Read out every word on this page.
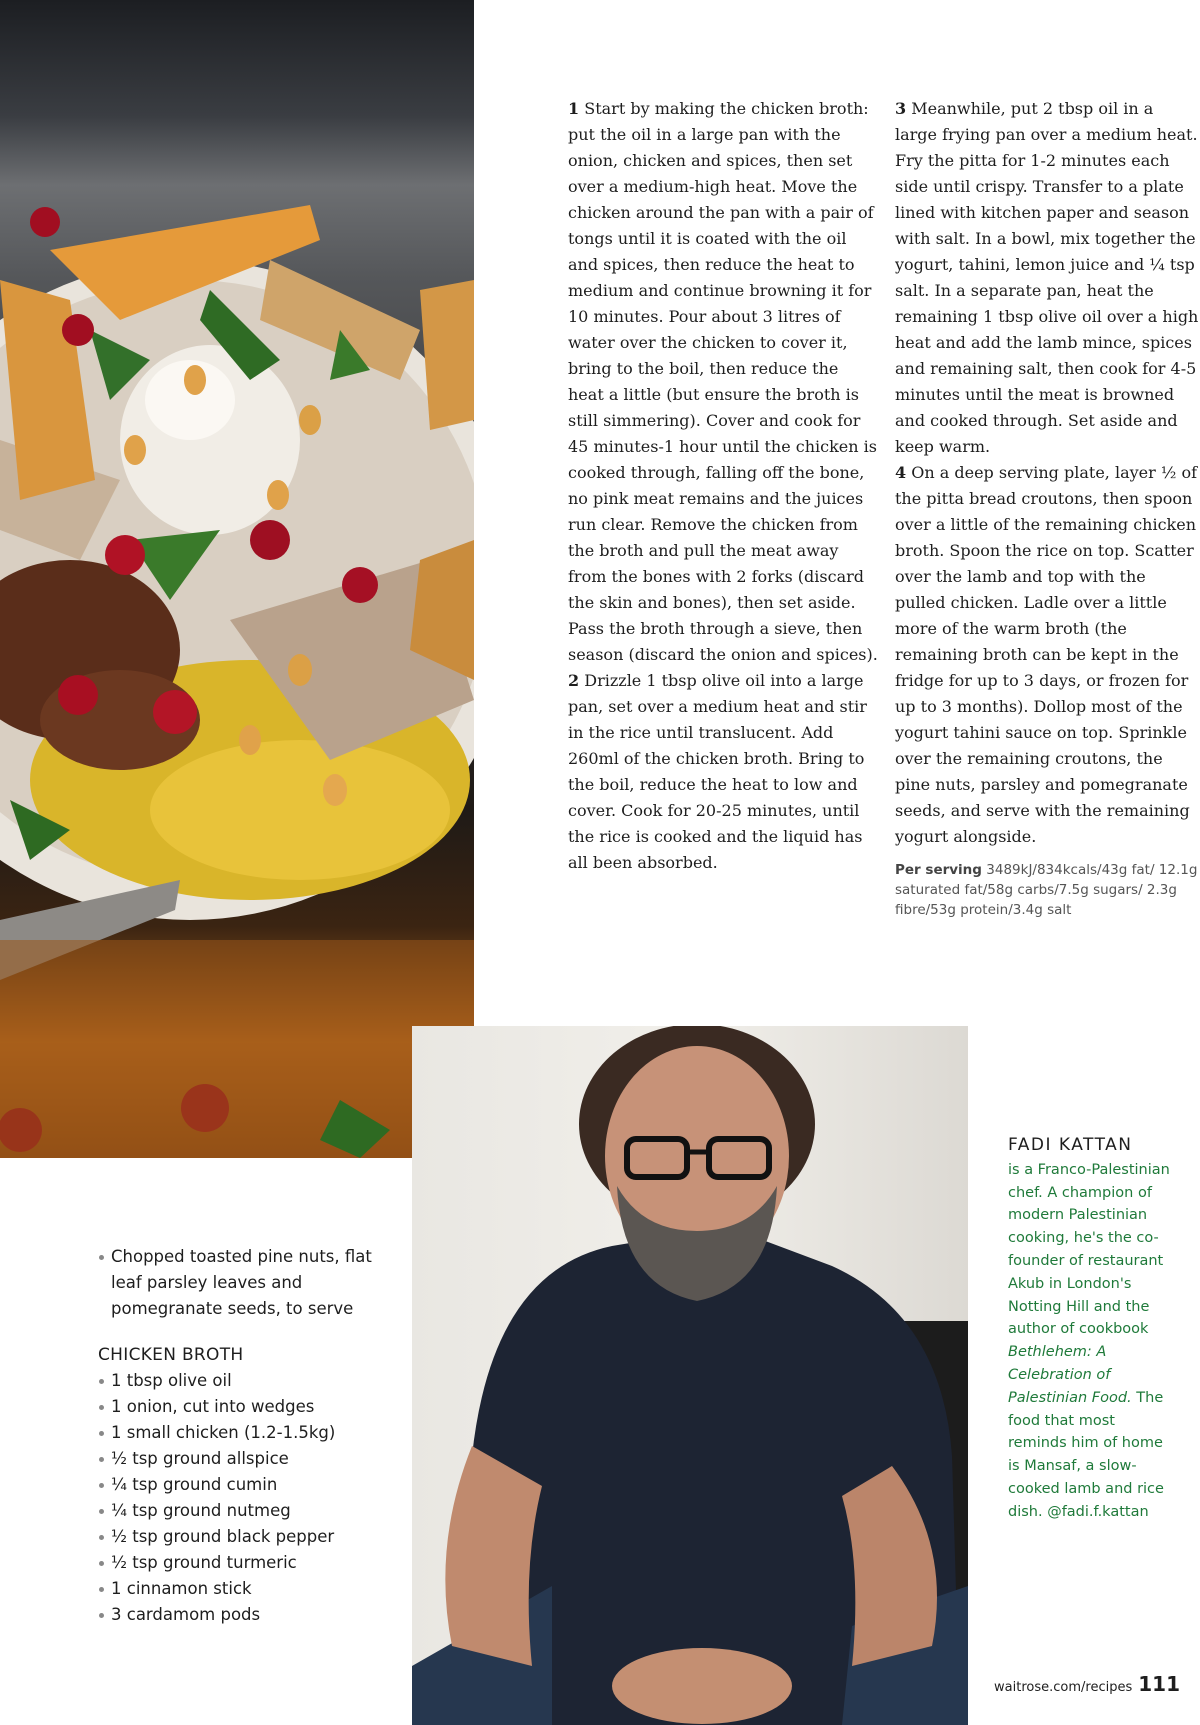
1 Start by making the chicken broth: put the oil in a large pan with the onion, chicken and spices, then set over a medium-high heat. Move the chicken around the pan with a pair of tongs until it is coated with the oil and spices, then reduce the heat to medium and continue browning it for 10 minutes. Pour about 3 litres of water over the chicken to cover it, bring to the boil, then reduce the heat a little (but ensure the broth is still simmering). Cover and cook for 45 minutes-1 hour until the chicken is cooked through, falling off the bone, no pink meat remains and the juices run clear. Remove the chicken from the broth and pull the meat away from the bones with 2 forks (discard the skin and bones), then set aside. Pass the broth through a sieve, then season (discard the onion and spices).

2 Drizzle 1 tbsp olive oil into a large pan, set over a medium heat and stir in the rice until translucent. Add 260ml of the chicken broth. Bring to the boil, reduce the heat to low and cover. Cook for 20-25 minutes, until the rice is cooked and the liquid has all been absorbed.

3 Meanwhile, put 2 tbsp oil in a large frying pan over a medium heat. Fry the pitta for 1-2 minutes each side until crispy. Transfer to a plate lined with kitchen paper and season with salt. In a bowl, mix together the yogurt, tahini, lemon juice and ¼ tsp salt. In a separate pan, heat the remaining 1 tbsp olive oil over a high heat and add the lamb mince, spices and remaining salt, then cook for 4-5 minutes until the meat is browned and cooked through. Set aside and keep warm.

4 On a deep serving plate, layer ½ of the pitta bread croutons, then spoon over a little of the remaining chicken broth. Spoon the rice on top. Scatter over the lamb and top with the pulled chicken. Ladle over a little more of the warm broth (the remaining broth can be kept in the fridge for up to 3 days, or frozen for up to 3 months). Dollop most of the yogurt tahini sauce on top. Sprinkle over the remaining croutons, the pine nuts, parsley and pomegranate seeds, and serve with the remaining yogurt alongside.

Per serving 3489kJ/834kcals/43g fat/ 12.1g saturated fat/58g carbs/7.5g sugars/ 2.3g fibre/53g protein/3.4g salt
Chopped toasted pine nuts, flat leaf parsley leaves and pomegranate seeds, to serve
CHICKEN BROTH
1 tbsp olive oil
1 onion, cut into wedges
1 small chicken (1.2-1.5kg)
½ tsp ground allspice
¼ tsp ground cumin
¼ tsp ground nutmeg
½ tsp ground black pepper
½ tsp ground turmeric
1 cinnamon stick
3 cardamom pods
FADI KATTAN
is a Franco-Palestinian chef. A champion of modern Palestinian cooking, he's the co-founder of restaurant Akub in London's Notting Hill and the author of cookbook Bethlehem: A Celebration of Palestinian Food. The food that most reminds him of home is Mansaf, a slow-cooked lamb and rice dish. @fadi.f.kattan
waitrose.com/recipes 111
